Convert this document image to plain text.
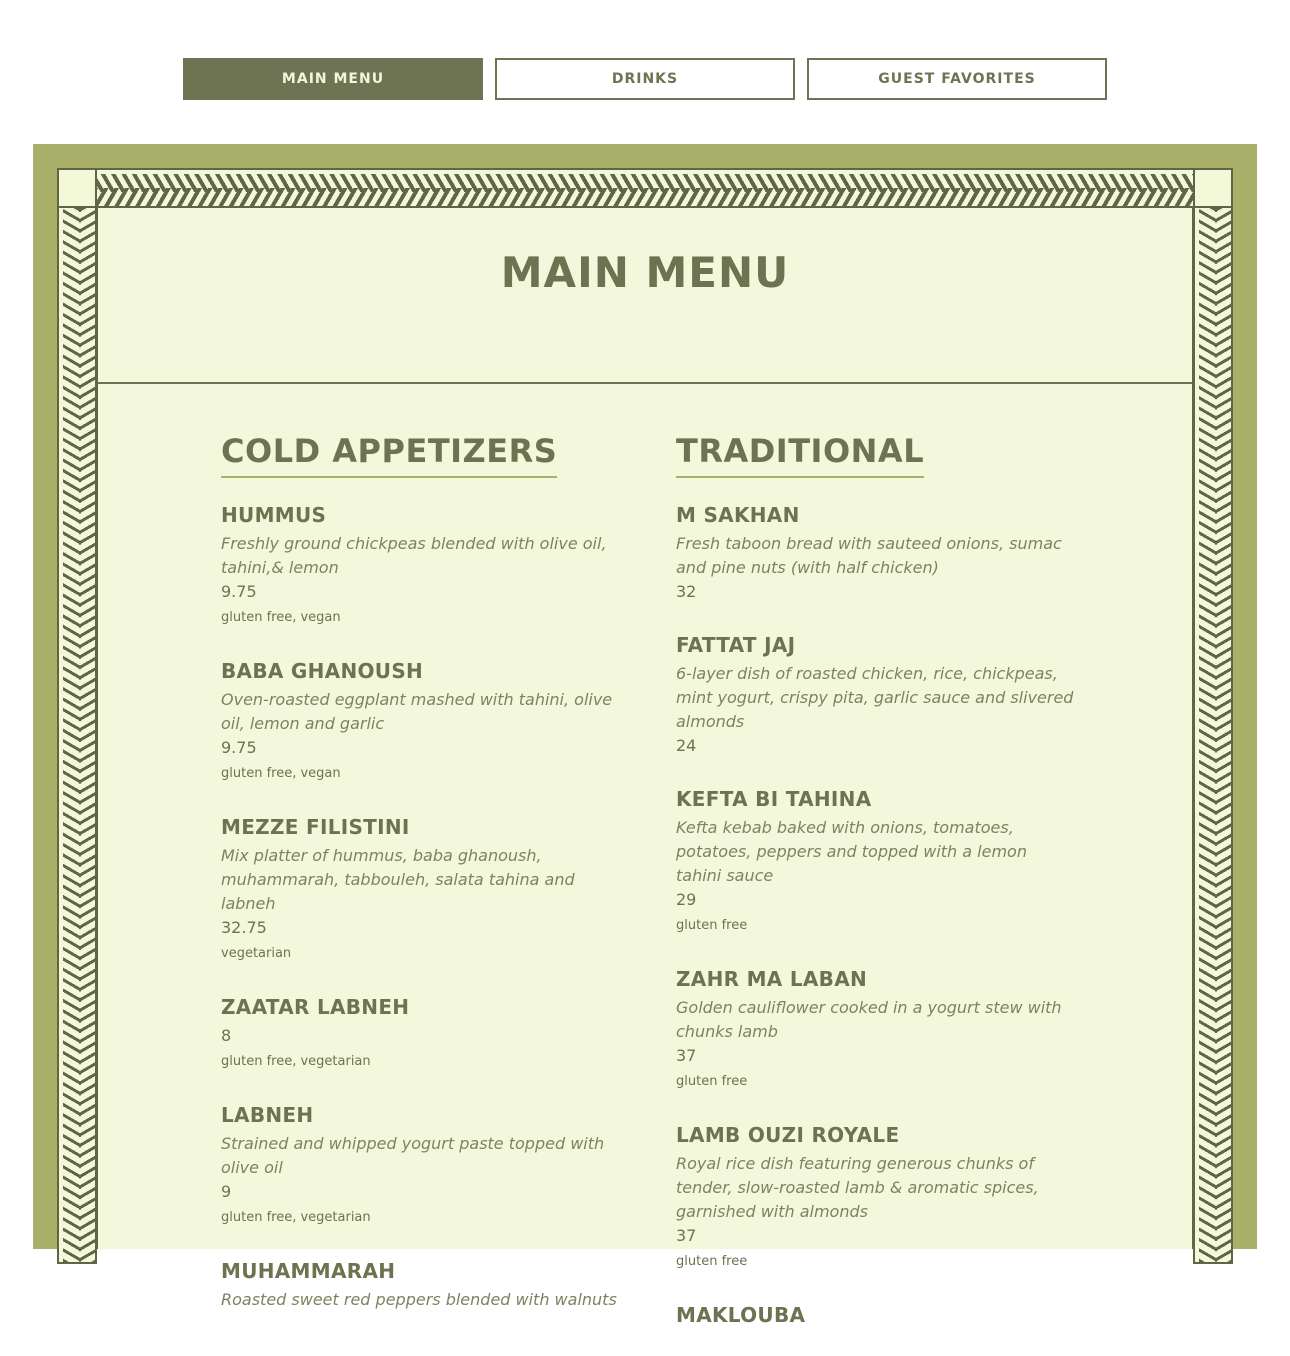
MAIN MENU	DRINKS	GUEST FAVORITES
MAIN MENU
COLD APPETIZERS
HUMMUS

Freshly ground chickpeas blended with olive oil, tahini,& lemon

9.75

gluten free, vegan
BABA GHANOUSH

Oven-roasted eggplant mashed with tahini, olive oil, lemon and garlic

9.75

gluten free, vegan
MEZZE FILISTINI

Mix platter of hummus, baba ghanoush, muhammarah, tabbouleh, salata tahina and labneh

32.75

vegetarian
ZAATAR LABNEH

8

gluten free, vegetarian
LABNEH

Strained and whipped yogurt paste topped with olive oil

9

gluten free, vegetarian
MUHAMMARAH

Roasted sweet red peppers blended with walnuts

TRADITIONAL
M SAKHAN

Fresh taboon bread with sauteed onions, sumac and pine nuts (with half chicken)

32

FATTAT JAJ

6-layer dish of roasted chicken, rice, chickpeas, mint yogurt, crispy pita, garlic sauce and slivered almonds

24

KEFTA BI TAHINA

Kefta kebab baked with onions, tomatoes, potatoes, peppers and topped with a lemon tahini sauce

29

gluten free
ZAHR MA LABAN

Golden cauliflower cooked in a yogurt stew with chunks lamb

37

gluten free
LAMB OUZI ROYALE

Royal rice dish featuring generous chunks of tender, slow-roasted lamb & aromatic spices, garnished with almonds

37

gluten free
MAKLOUBA
